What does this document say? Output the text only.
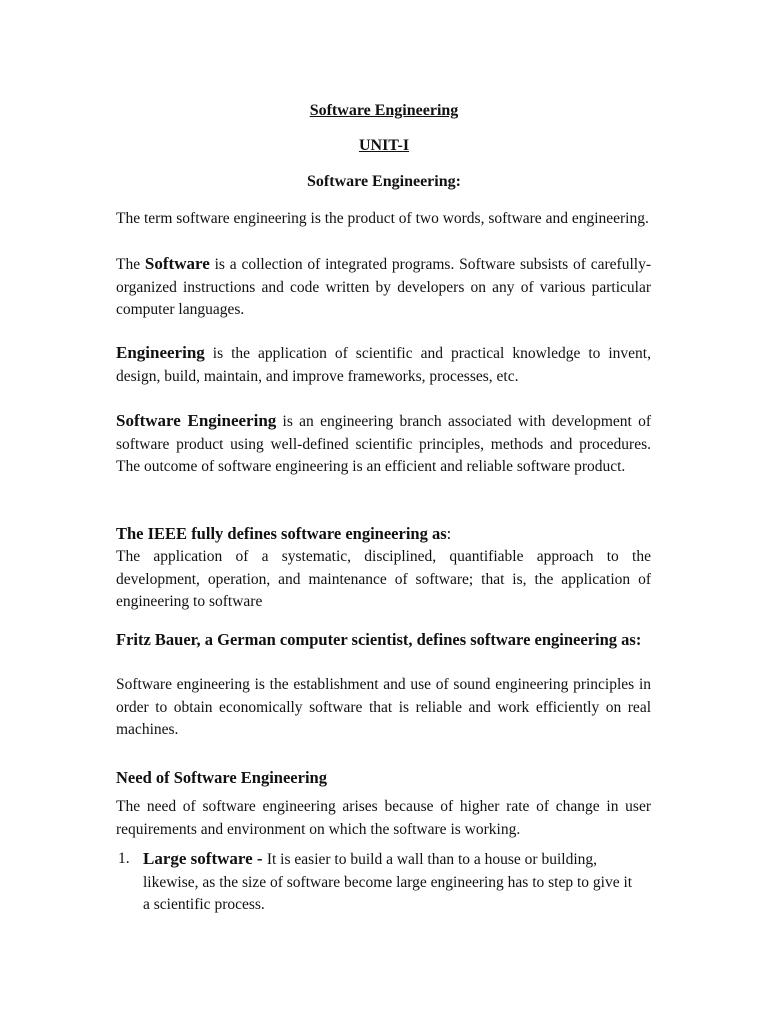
Software Engineering
UNIT-I
Software Engineering:
The term software engineering is the product of two words, software and engineering.
The Software is a collection of integrated programs. Software subsists of carefully-organized instructions and code written by developers on any of various particular computer languages.
Engineering is the application of scientific and practical knowledge to invent, design, build, maintain, and improve frameworks, processes, etc.
Software Engineering is an engineering branch associated with development of software product using well-defined scientific principles, methods and procedures. The outcome of software engineering is an efficient and reliable software product.
The IEEE fully defines software engineering as:
The application of a systematic, disciplined, quantifiable approach to the development, operation, and maintenance of software; that is, the application of engineering to software
Fritz Bauer, a German computer scientist, defines software engineering as:
Software engineering is the establishment and use of sound engineering principles in order to obtain economically software that is reliable and work efficiently on real machines.
Need of Software Engineering
The need of software engineering arises because of higher rate of change in user requirements and environment on which the software is working.
1. Large software - It is easier to build a wall than to a house or building, likewise, as the size of software become large engineering has to step to give it a scientific process.
